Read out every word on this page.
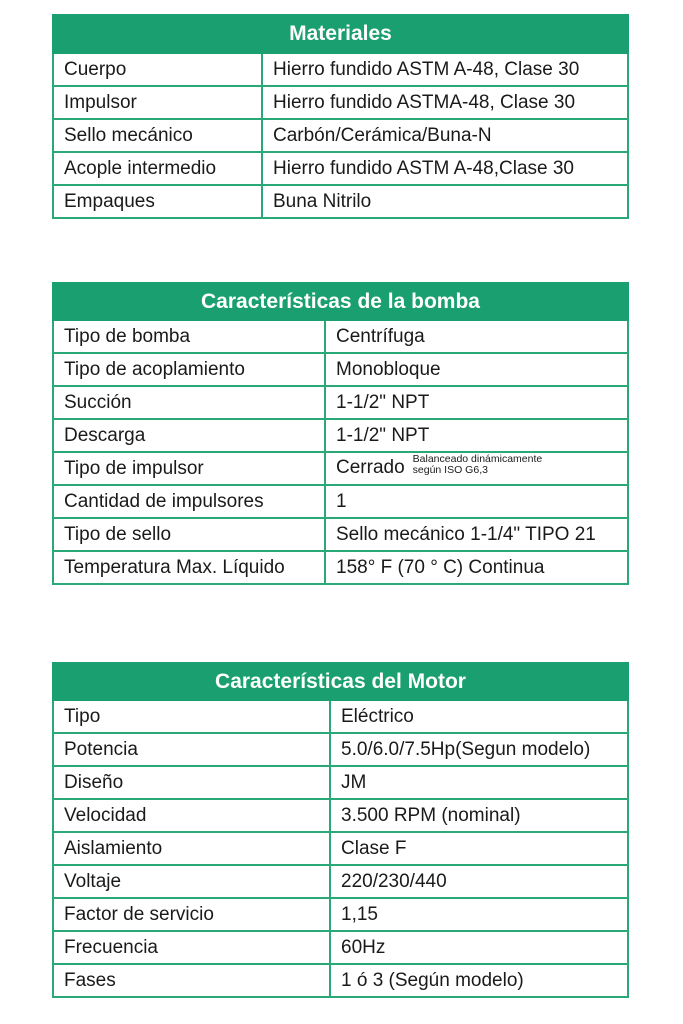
Materiales	
Cuerpo	Hierro fundido ASTM A-48, Clase 30
Impulsor	Hierro fundido ASTMA-48, Clase 30
Sello mecánico	Carbón/Cerámica/Buna-N
Acople intermedio	Hierro fundido ASTM A-48,Clase 30
Empaques	Buna Nitrilo
Características de la bomba	
Tipo de bomba	Centrífuga
Tipo de acoplamiento	Monobloque
Succión	1-1/2" NPT
Descarga	1-1/2" NPT
Tipo de impulsor	Cerrado Balanceado dinámicamente
según ISO G6,3
Cantidad de impulsores	1
Tipo de sello	Sello mecánico 1-1/4" TIPO 21
Temperatura Max. Líquido	158° F (70 ° C) Continua
Características del Motor	
Tipo	Eléctrico
Potencia	5.0/6.0/7.5Hp(Segun modelo)
Diseño	JM
Velocidad	3.500 RPM (nominal)
Aislamiento	Clase F
Voltaje	220/230/440
Factor de servicio	1,15
Frecuencia	60Hz
Fases	1 ó 3 (Según modelo)
